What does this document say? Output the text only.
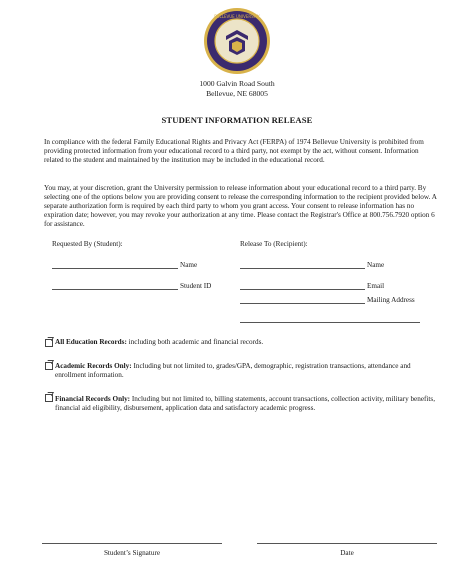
BELLEVUE UNIVERSITY
1000 Galvin Road South
Bellevue, NE 68005
STUDENT INFORMATION RELEASE
In compliance with the federal Family Educational Rights and Privacy Act (FERPA) of 1974 Bellevue University is prohibited from providing protected information from your educational record to a third party, not exempt by the act, without consent. Information related to the student and maintained by the institution may be included in the educational record.
You may, at your discretion, grant the University permission to release information about your educational record to a third party. By selecting one of the options below you are providing consent to release the corresponding information to the recipient provided below. A separate authorization form is required by each third party to whom you grant access. Your consent to release information has no expiration date; however, you may revoke your authorization at any time. Please contact the Registrar's Office at 800.756.7920 option 6 for assistance.
Requested By (Student):	Release To (Recipient):
Name
Student ID
Name
Email
Mailing Address
All Education Records: including both academic and financial records.
Academic Records Only: Including but not limited to, grades/GPA, demographic, registration transactions, attendance and enrollment information.
Financial Records Only: Including but not limited to, billing statements, account transactions, collection activity, military benefits, financial aid eligibility, disbursement, application data and satisfactory academic progress.
Student’s Signature	Date
